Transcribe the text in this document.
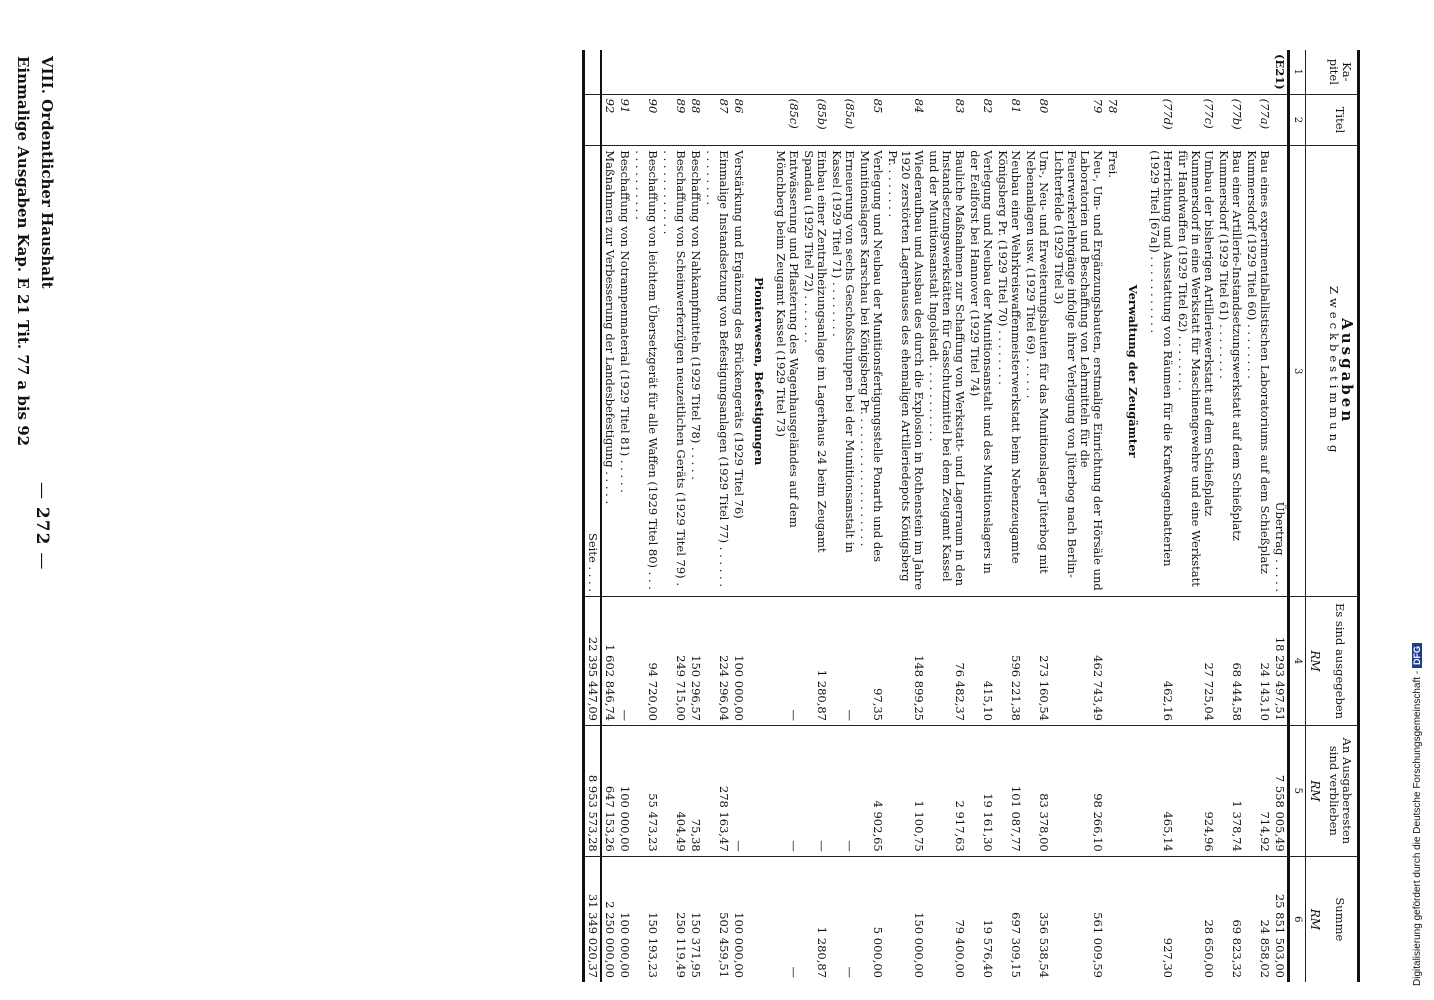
VIII. Ordentlicher Haushalt
Einmalige Ausgaben Kap. E 21 Tit. 77 a bis 92
— 272 —
Ka- pitel	Titel	Ausgaben
Zweckbestimmung	Es sind ausgegeben	An Ausgaberesten sind verblieben	Summe
			RM	RM	RM
1	2	3	4	5	6
(E21)		Übertrag . . . . .	18 293 497,51	7 558 005,49	25 851 503,00
	(77a)	Bau eines experimentalballistischen Laboratoriums auf dem Schießplatz Kummersdorf (1929 Titel 60) . . . . . . . .	24 143,10	714,92	24 858,02
	(77b)	Bau einer Artillerie-Instandsetzungswerkstatt auf dem Schießplatz Kummersdorf (1929 Titel 61) . . . . . . . .	68 444,58	1 378,74	69 823,32
	(77c)	Umbau der bisherigen Artilleriewerkstatt auf dem Schießplatz Kummersdorf in eine Werkstatt für Maschinengewehre und eine Werkstatt für Handwaffen (1929 Titel 62) . . . . . . . .	27 725,04	924,96	28 650,00
	(77d)	Herrichtung und Ausstattung von Räumen für die Kraftwagenbatterien (1929 Titel [67a]) . . . . . . . . . . .	462,16	465,14	927,30
		Verwaltung der Zeugämter			
	78	Frei.			
	79	Neu-, Um- und Ergänzungsbauten, erstmalige Einrichtung der Hörsäle und Laboratorien und Beschaffung von Lehrmitteln für die Feuerwerkerlehrgänge infolge ihrer Verlegung von Jüterbog nach Berlin-Lichterfelde (1929 Titel 3)	462 743,49	98 266,10	561 009,59
	80	Um-, Neu- und Erweiterungsbauten für das Munitionslager Jüterbog mit Nebenanlagen usw. (1929 Titel 69) . . . . . .	273 160,54	83 378,00	356 538,54
	81	Neubau einer Wehrkreiswaffenmeisterwerkstatt beim Nebenzeugamte Königsberg Pr. (1929 Titel 70) . . . . . . . .	596 221,38	101 087,77	697 309,15
	82	Verlegung und Neubau der Munitionsanstalt und des Munitionslagers in der Eeilforst bei Hannover (1929 Titel 74)	415,10	19 161,30	19 576,40
	83	Bauliche Maßnahmen zur Schaffung von Werkstatt- und Lagerraum in den Instandsetzungswerkstätten für Gasschutzmittel bei dem Zeugamt Kassel und der Munitionsanstalt Ingolstadt . . . . . . . . . . .	76 482,37	2 917,63	79 400,00
	84	Wiederaufbau und Ausbau des durch die Explosion in Rothenstein im Jahre 1920 zerstörten Lagerhauses des ehemaligen Artilleriedepots Königsberg Pr. . . . . . . .	148 899,25	1 100,75	150 000,00
	85	Verlegung und Neubau der Munitionsfertigungsstelle Ponarth und des Munitionslagers Karschau bei Königsberg Pr. . . . . . . . . . . . . . . . . . .	97,35	4 902,65	5 000,00
	(85a)	Erneuerung von sechs Geschoßschuppen bei der Munitionsanstalt in Kassel (1929 Titel 71) . . . . . . . .	—	—	—
	(85b)	Einbau einer Zentralheizungsanlage im Lagerhaus 24 beim Zeugamt Spandau (1929 Titel 72) . . . . . . .	1 280,87	—	1 280,87
	(85c)	Entwässerung und Pflasterung des Wagenhausgeländes auf dem Mönchberg beim Zeugamt Kassel (1929 Titel 73)	—	—	—
		Pionierwesen, Befestigungen			
	86	Verstärkung und Ergänzung des Brückengeräts (1929 Titel 76)	100 000,00	—	100 000,00
	87	Einmalige Instandsetzung von Befestigungsanlagen (1929 Titel 77) . . . . . . . . . . . . . .	224 296,04	278 163,47	502 459,51
	88	Beschaffung von Nahkampfmitteln (1929 Titel 78) . . . . .	150 296,57	75,38	150 371,95
	89	Beschaffung von Scheinwerferzügen neuzeitlichen Geräts (1929 Titel 79) . . . . . . . . . . . . .	249 715,00	404,49	250 119,49
	90	Beschaffung von leichtem Übersetzgerät für alle Waffen (1929 Titel 80) . . . . . . . . . . . . .	94 720,00	55 473,23	150 193,23
	91	Beschaffung von Notrampenmaterial (1929 Titel 81) . . . . .	—	100 000,00	100 000,00
	92	Maßnahmen zur Verbesserung der Landesbefestigung . . . . .	1 602 846,74	647 153,26	2 250 000,00
		Seite . . . .	22 395 447,09	8 953 573,28	31 349 020,37	Digitalisierung gefördert durch die Deutsche Forschungsgemeinschaft - DFG
